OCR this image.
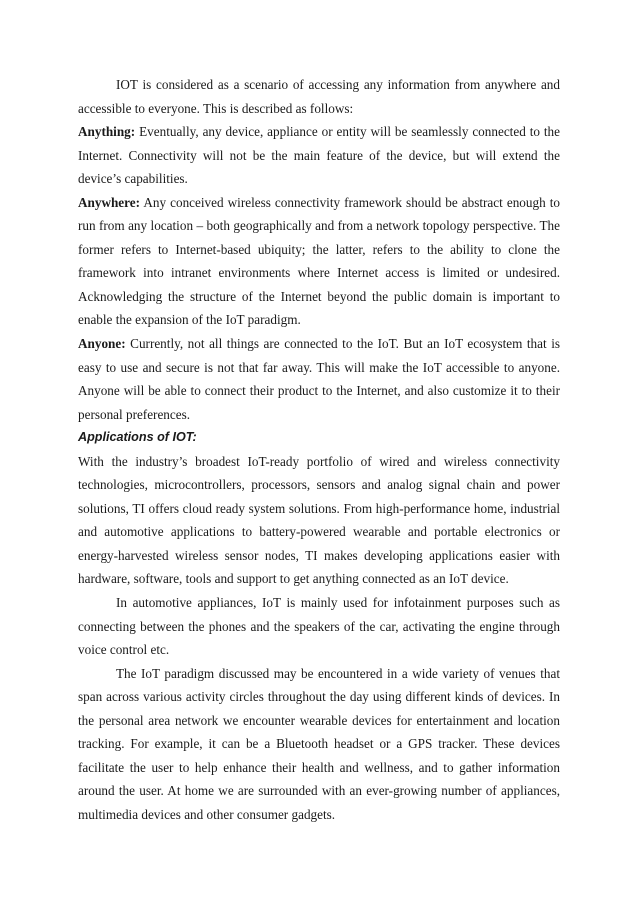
IOT is considered as a scenario of accessing any information from anywhere and accessible to everyone. This is described as follows:

Anything: Eventually, any device, appliance or entity will be seamlessly connected to the Internet. Connectivity will not be the main feature of the device, but will extend the device’s capabilities.

Anywhere: Any conceived wireless connectivity framework should be abstract enough to run from any location – both geographically and from a network topology perspective. The former refers to Internet-based ubiquity; the latter, refers to the ability to clone the framework into intranet environments where Internet access is limited or undesired. Acknowledging the structure of the Internet beyond the public domain is important to enable the expansion of the IoT paradigm.

Anyone: Currently, not all things are connected to the IoT. But an IoT ecosystem that is easy to use and secure is not that far away. This will make the IoT accessible to anyone. Anyone will be able to connect their product to the Internet, and also customize it to their personal preferences.

Applications of IOT:

With the industry’s broadest IoT-ready portfolio of wired and wireless connectivity technologies, microcontrollers, processors, sensors and analog signal chain and power solutions, TI offers cloud ready system solutions. From high-performance home, industrial and automotive applications to battery-powered wearable and portable electronics or energy-harvested wireless sensor nodes, TI makes developing applications easier with hardware, software, tools and support to get anything connected as an IoT device.

In automotive appliances, IoT is mainly used for infotainment purposes such as connecting between the phones and the speakers of the car, activating the engine through voice control etc.

The IoT paradigm discussed may be encountered in a wide variety of venues that span across various activity circles throughout the day using different kinds of devices. In the personal area network we encounter wearable devices for entertainment and location tracking. For example, it can be a Bluetooth headset or a GPS tracker. These devices facilitate the user to help enhance their health and wellness, and to gather information around the user. At home we are surrounded with an ever-growing number of appliances, multimedia devices and other consumer gadgets.
